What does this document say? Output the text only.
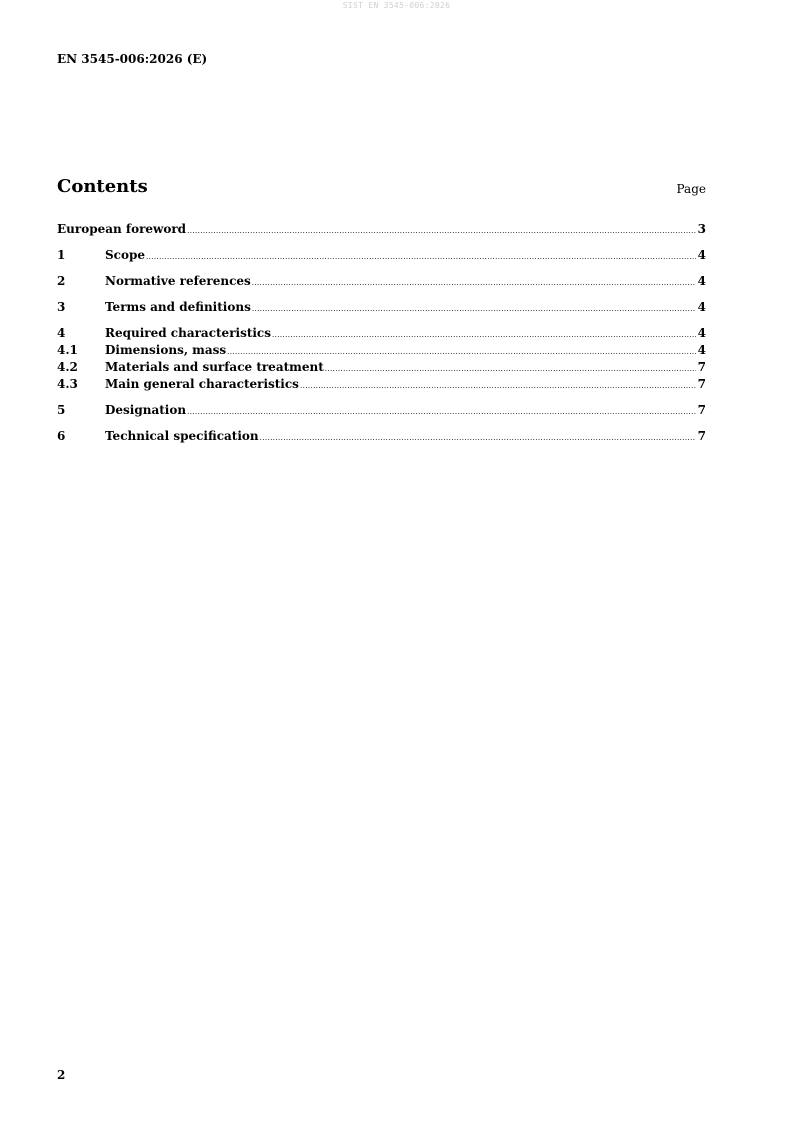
SIST EN 3545-006:2026
EN 3545-006:2026 (E)
Contents	Page
European foreword .....	3
1	Scope .....	4
2	Normative references .....	4
3	Terms and definitions .....	4
4	Required characteristics .....	4
4.1	Dimensions, mass .....	4
4.2	Materials and surface treatment .....	7
4.3	Main general characteristics .....	7
5	Designation .....	7
6	Technical specification .....	7
2
